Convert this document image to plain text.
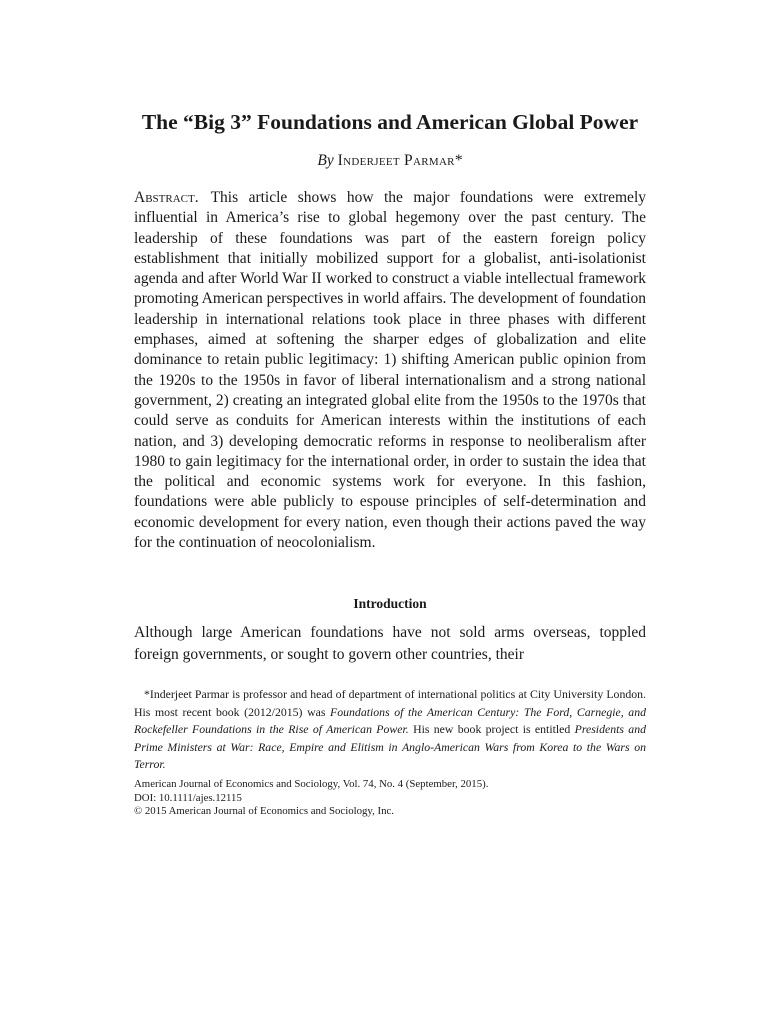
The “Big 3” Foundations and American Global Power
By Inderjeet Parmar*
Abstract. This article shows how the major foundations were extremely influential in America’s rise to global hegemony over the past century. The leadership of these foundations was part of the eastern foreign policy establishment that initially mobilized support for a globalist, anti-isolationist agenda and after World War II worked to construct a viable intellectual framework promoting American perspectives in world affairs. The development of foundation leadership in international relations took place in three phases with different emphases, aimed at softening the sharper edges of globalization and elite dominance to retain public legitimacy: 1) shifting American public opinion from the 1920s to the 1950s in favor of liberal internationalism and a strong national government, 2) creating an integrated global elite from the 1950s to the 1970s that could serve as conduits for American interests within the institutions of each nation, and 3) developing democratic reforms in response to neoliberalism after 1980 to gain legitimacy for the international order, in order to sustain the idea that the political and economic systems work for everyone. In this fashion, foundations were able publicly to espouse principles of self-determination and economic development for every nation, even though their actions paved the way for the continuation of neocolonialism.
Introduction
Although large American foundations have not sold arms overseas, toppled foreign governments, or sought to govern other countries, their
*Inderjeet Parmar is professor and head of department of international politics at City University London. His most recent book (2012/2015) was Foundations of the American Century: The Ford, Carnegie, and Rockefeller Foundations in the Rise of American Power. His new book project is entitled Presidents and Prime Ministers at War: Race, Empire and Elitism in Anglo-American Wars from Korea to the Wars on Terror.
American Journal of Economics and Sociology, Vol. 74, No. 4 (September, 2015).
DOI: 10.1111/ajes.12115
© 2015 American Journal of Economics and Sociology, Inc.
